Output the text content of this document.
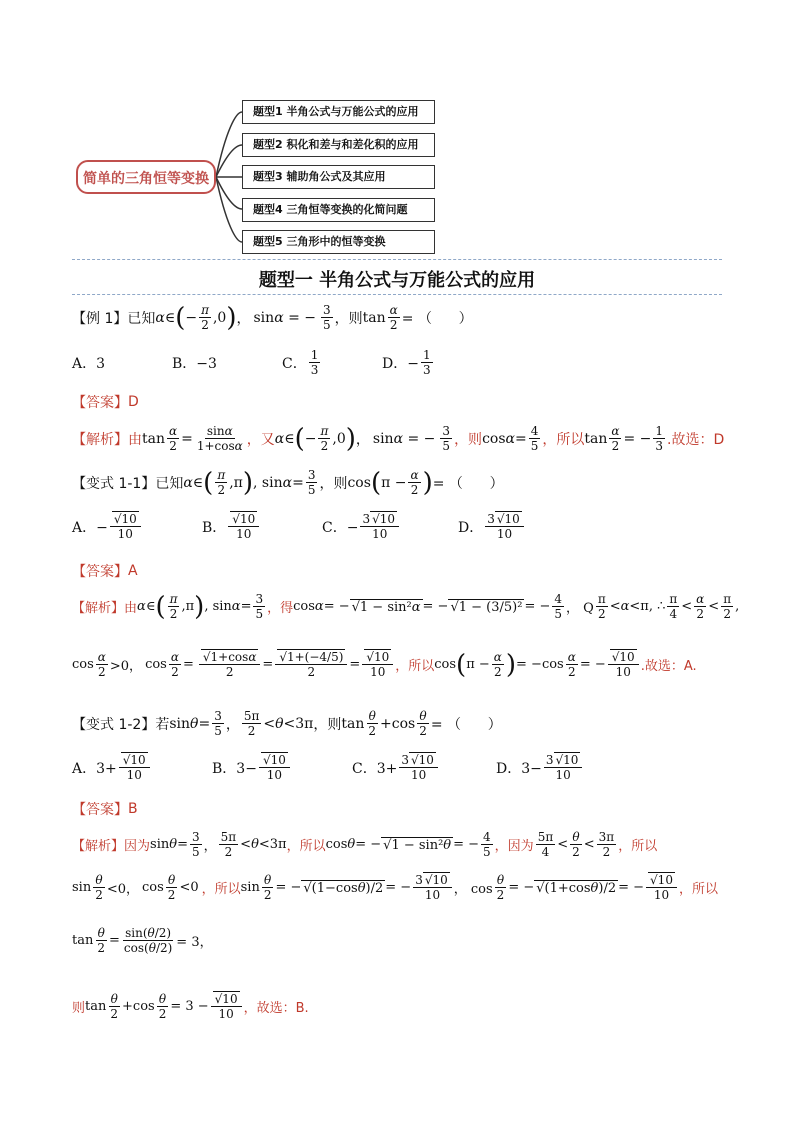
简单的三角恒等变换
题型1 半角公式与万能公式的应用
题型2 积化和差与和差化积的应用
题型3 辅助角公式及其应用
题型4 三角恒等变换的化简问题
题型5 三角形中的恒等变换
题型一 半角公式与万能公式的应用
【例 1】 已知 α ∈ ( − $\frac{\pi}{2} ,0$ ) ， sinα = − $\frac{3}{5}$ ，则 $\tan \frac{\alpha}{2}$ = （      ）
A．3	B．−3	C． $\frac{1}{3}$	D．− $\frac{1}{3}$
【答案】 D
【解析】 由 $\tan \frac{\alpha}{2} = \frac{\sin\alpha}{1+\cos\alpha}$ ，又 α ∈ ( − $\frac{\pi}{2} ,0$ ) ， sinα = − $\frac{3}{5}$ ，则 $\cos \alpha = \frac{4}{5}$ ，所以 $\tan \frac{\alpha}{2}$ = − $\frac{1}{3}$ .故选：D
【变式 1-1】 已知 α ∈ ( $\frac{\pi}{2} ,\pi$ ) , $\sin \alpha = \frac{3}{5}$ ，则 cos ( $\pi - \frac{\alpha}{2}$ ) = （      ）
A．− $\frac{√10}{10}$	B． $\frac{√10}{10}$	C．− $\frac{3 √10}{10}$	D． $\frac{3 √10}{10}$
【答案】 A
【解析】 由 α ∈ ( $\frac{\pi}{2} ,\pi$ ) , $\sin \alpha = \frac{3}{5}$ ，得 cos α = − √1 − sin²α = − √1 − (3/5)² = − $\frac{4}{5}$ ， Q $\frac{\pi}{2} < \alpha <\pi$, ∴ $\frac{\pi}{4} < \frac{\alpha}{2} < \frac{\pi}{2}$ ,
$\cos \frac{\alpha}{2} >0$， $\cos \frac{\alpha}{2} = \frac{√1+\cos\alpha}{2} = \frac{√1+(-4/5)}{2} = \frac{√10}{10}$ ，所以 cos ( $\pi - \frac{\alpha}{2}$ ) = $-\cos \frac{\alpha}{2}$ = − $\frac{√10}{10}$ .故选：A.
【变式 1-2】 若 $\sin \theta = \frac{3}{5}$ ， $\frac{5\pi}{2} < \theta <3\pi$ ，则 $\tan \frac{\theta}{2} +\cos \frac{\theta}{2}$ = （      ）
A．$3+ \frac{√10}{10}$	B．$3- \frac{√10}{10}$	C．$3+ \frac{3 √10}{10}$	D．$3- \frac{3 √10}{10}$
【答案】 B
【解析】 因为 $\sin \theta = \frac{3}{5}$ ， $\frac{5\pi}{2} < \theta <3\pi$ ，所以 cos θ = − √1 − sin²θ = − $\frac{4}{5}$ ，因为 $\frac{5\pi}{4} < \frac{\theta}{2} < \frac{3\pi}{2}$ ，所以
$\sin \frac{\theta}{2} <0$， $\cos \frac{\theta}{2} <0$ ，所以 $\sin \frac{\theta}{2}$ = − √(1−cosθ)/2 = − $\frac{3 √10}{10}$ ， $\cos \frac{\theta}{2}$ = − √(1+cosθ)/2 = − $\frac{√10}{10}$ ，所以
$\tan \frac{\theta}{2} = \frac{\sin(\theta/2)}{\cos(\theta/2)} = 3$，
则 $\tan \frac{\theta}{2} +\cos \frac{\theta}{2} = 3 - \frac{√10}{10}$ ，故选：B.
